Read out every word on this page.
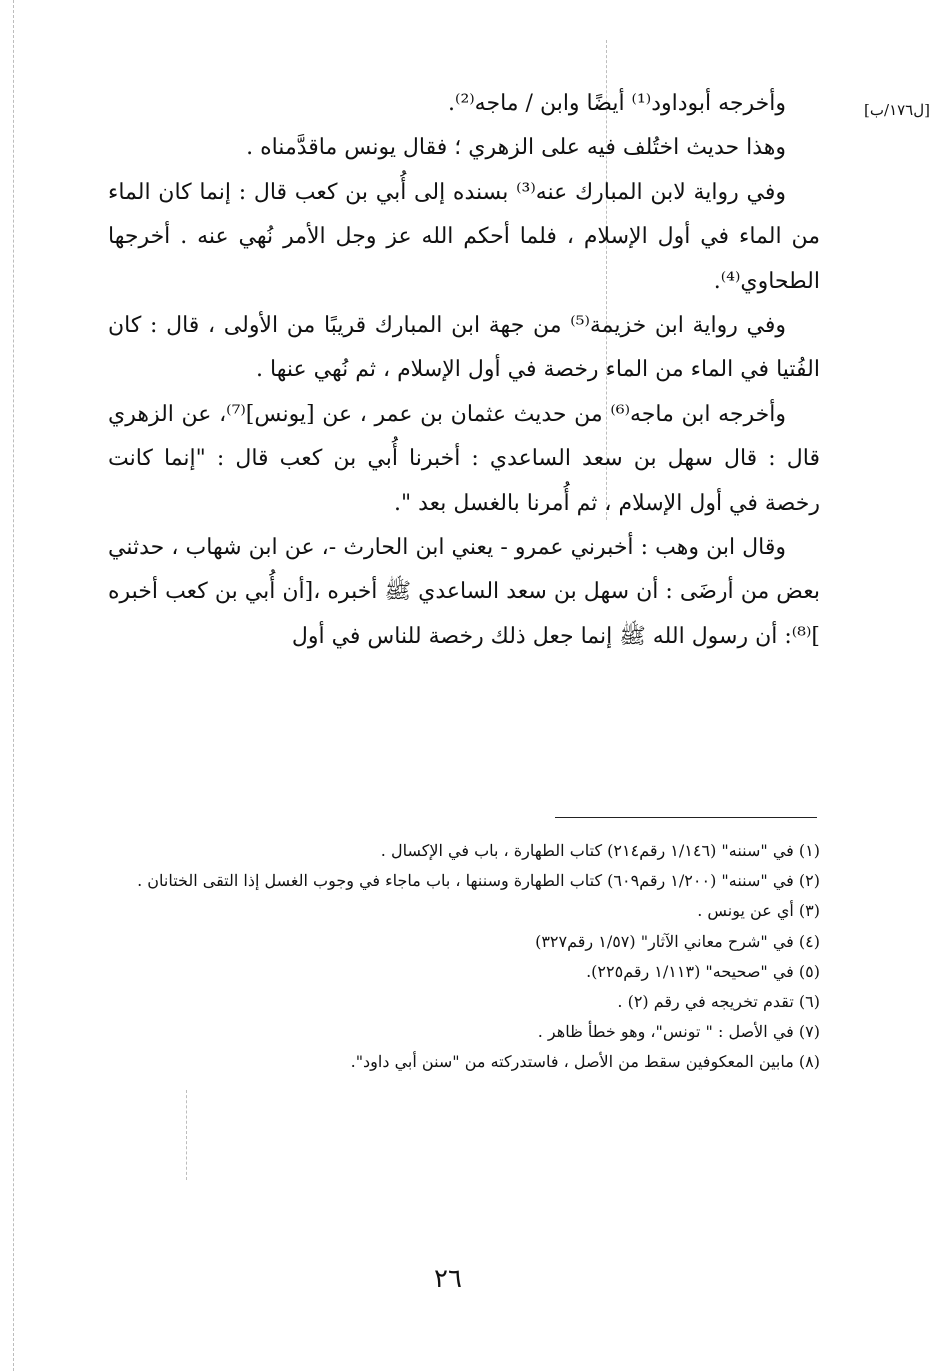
[ل١٧٦/ب]

وأخرجه أبوداود⁽¹⁾ أيضًا وابن / ماجه⁽²⁾.

وهذا حديث اختُلف فيه على الزهري ؛ فقال يونس ماقدَّمناه .

وفي رواية لابن المبارك عنه⁽³⁾ بسنده إلى أُبي بن كعب قال : إنما كان الماء من الماء في أول الإسلام ، فلما أحكم الله عز وجل الأمر نُهي عنه . أخرجها الطحاوي⁽⁴⁾.

وفي رواية ابن خزيمة⁽⁵⁾ من جهة ابن المبارك قريبًا من الأولى ، قال : كان الفُتيا في الماء من الماء رخصة في أول الإسلام ، ثم نُهي عنها .

وأخرجه ابن ماجه⁽⁶⁾ من حديث عثمان بن عمر ، عن [يونس]⁽⁷⁾، عن الزهري قال : قال سهل بن سعد الساعدي : أخبرنا أُبي بن كعب قال : "إنما كانت رخصة في أول الإسلام ، ثم أُمرنا بالغسل بعد ".

وقال ابن وهب : أخبرني عمرو - يعني ابن الحارث -، عن ابن شهاب ، حدثني بعض من أرضَى : أن سهل بن سعد الساعدي ﷺ أخبره ،[أن أُبي بن كعب أخبره ]⁽⁸⁾: أن رسول الله ﷺ إنما جعل ذلك رخصة للناس في أول

(١) في "سننه" (١/١٤٦ رقم٢١٤) كتاب الطهارة ، باب في الإكسال .

(٢) في "سننه" (١/٢٠٠ رقم٦٠٩) كتاب الطهارة وسننها ، باب ماجاء في وجوب الغسل إذا التقى الختانان .

(٣) أي عن يونس .

(٤) في "شرح معاني الآثار" (١/٥٧ رقم٣٢٧)

(٥) في "صحيحه" (١/١١٣ رقم٢٢٥).

(٦) تقدم تخريجه في رقم (٢) .

(٧) في الأصل : " تونس"، وهو خطأ ظاهر .

(٨) مابين المعكوفين سقط من الأصل ، فاستدركته من "سنن أبي داود".

٢٦
